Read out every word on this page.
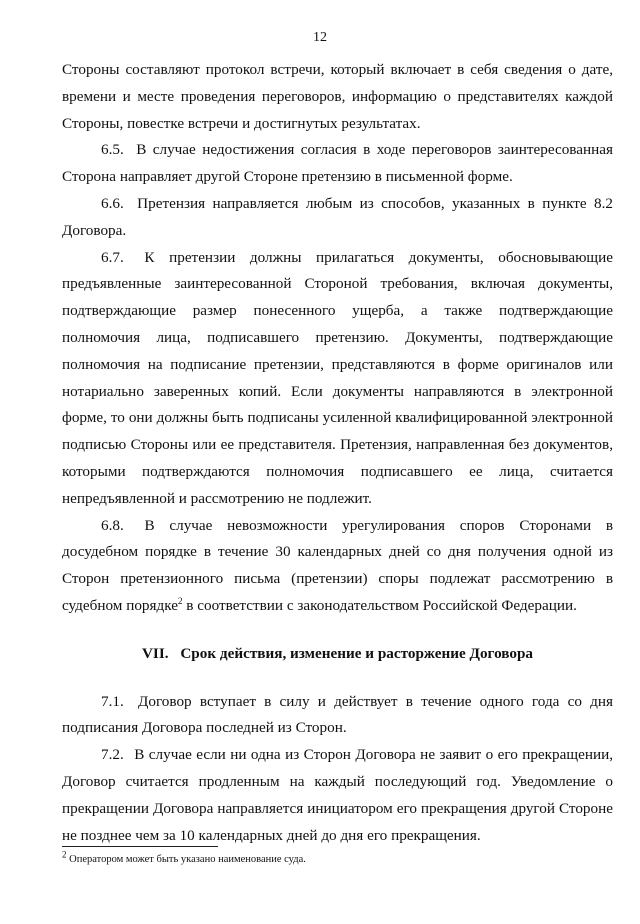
12

Стороны составляют протокол встречи, который включает в себя сведения о дате, времени и месте проведения переговоров, информацию о представителях каждой Стороны, повестке встречи и достигнутых результатах.

6.5. В случае недостижения согласия в ходе переговоров заинтересованная Сторона направляет другой Стороне претензию в письменной форме.

6.6. Претензия направляется любым из способов, указанных в пункте 8.2 Договора.

6.7. К претензии должны прилагаться документы, обосновывающие предъявленные заинтересованной Стороной требования, включая документы, подтверждающие размер понесенного ущерба, а также подтверждающие полномочия лица, подписавшего претензию. Документы, подтверждающие полномочия на подписание претензии, представляются в форме оригиналов или нотариально заверенных копий. Если документы направляются в электронной форме, то они должны быть подписаны усиленной квалифицированной электронной подписью Стороны или ее представителя. Претензия, направленная без документов, которыми подтверждаются полномочия подписавшего ее лица, считается непредъявленной и рассмотрению не подлежит.

6.8. В случае невозможности урегулирования споров Сторонами в досудебном порядке в течение 30 календарных дней со дня получения одной из Сторон претензионного письма (претензии) споры подлежат рассмотрению в судебном порядке$^2$ в соответствии с законодательством Российской Федерации.

VII. Срок действия, изменение и расторжение Договора

7.1. Договор вступает в силу и действует в течение одного года со дня подписания Договора последней из Сторон.

7.2. В случае если ни одна из Сторон Договора не заявит о его прекращении, Договор считается продленным на каждый последующий год. Уведомление о прекращении Договора направляется инициатором его прекращения другой Стороне не позднее чем за 10 календарных дней до дня его прекращения.

$^2$ Оператором может быть указано наименование суда.
